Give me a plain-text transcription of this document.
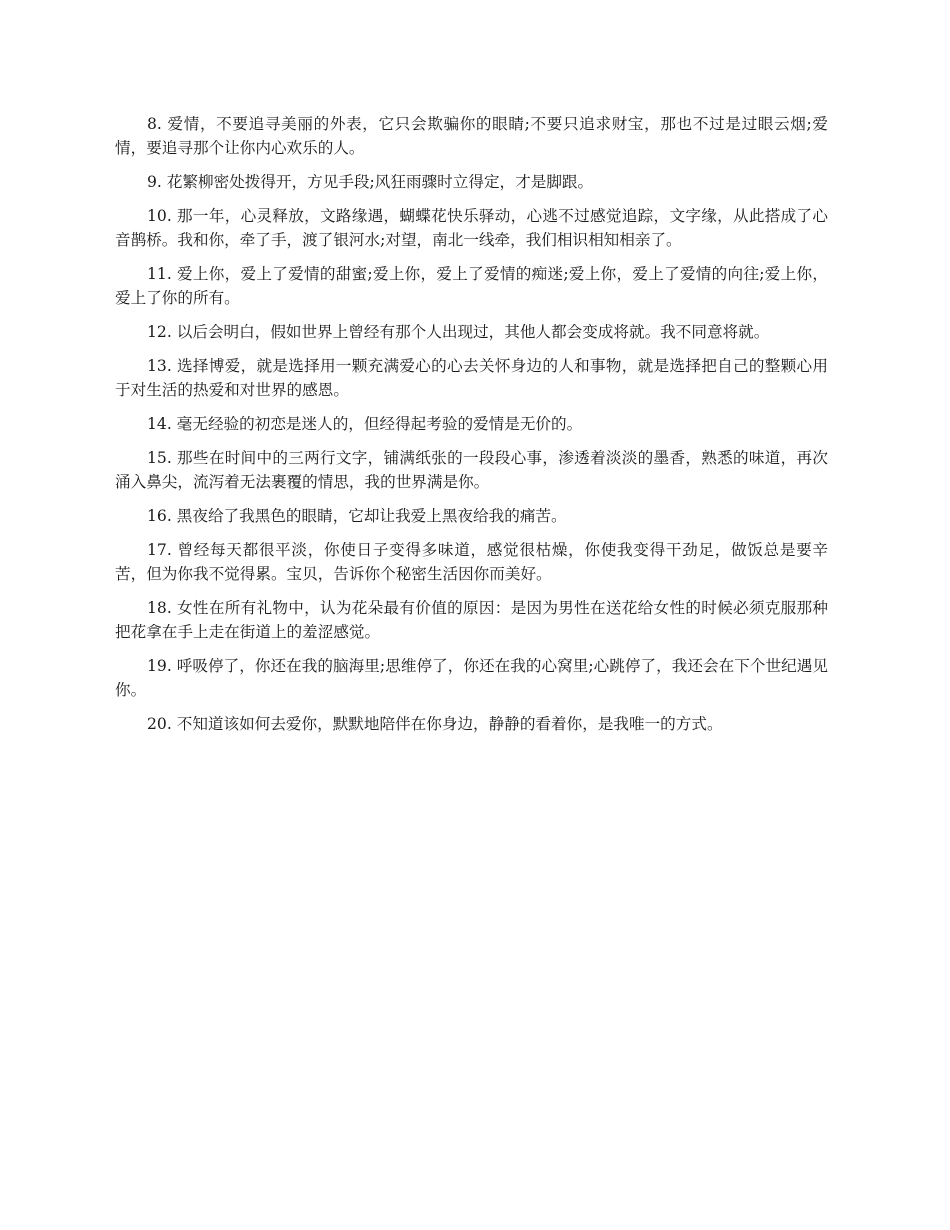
8. 爱情，不要追寻美丽的外表，它只会欺骗你的眼睛;不要只追求财宝，那也不过是过眼云烟;爱情，要追寻那个让你内心欢乐的人。

9. 花繁柳密处拨得开，方见手段;风狂雨骤时立得定，才是脚跟。

10. 那一年，心灵释放，文路缘遇，蝴蝶花快乐驿动，心逃不过感觉追踪，文字缘，从此搭成了心音鹊桥。我和你，牵了手，渡了银河水;对望，南北一线牵，我们相识相知相亲了。

11. 爱上你，爱上了爱情的甜蜜;爱上你，爱上了爱情的痴迷;爱上你，爱上了爱情的向往;爱上你，爱上了你的所有。

12. 以后会明白，假如世界上曾经有那个人出现过，其他人都会变成将就。我不同意将就。

13. 选择博爱，就是选择用一颗充满爱心的心去关怀身边的人和事物，就是选择把自己的整颗心用于对生活的热爱和对世界的感恩。

14. 毫无经验的初恋是迷人的，但经得起考验的爱情是无价的。

15. 那些在时间中的三两行文字，铺满纸张的一段段心事，渗透着淡淡的墨香，熟悉的味道，再次涌入鼻尖，流泻着无法裹覆的情思，我的世界满是你。

16. 黑夜给了我黑色的眼睛，它却让我爱上黑夜给我的痛苦。

17. 曾经每天都很平淡，你使日子变得多味道，感觉很枯燥，你使我变得干劲足，做饭总是要辛苦，但为你我不觉得累。宝贝，告诉你个秘密生活因你而美好。

18. 女性在所有礼物中，认为花朵最有价值的原因：是因为男性在送花给女性的时候必须克服那种把花拿在手上走在街道上的羞涩感觉。

19. 呼吸停了，你还在我的脑海里;思维停了，你还在我的心窝里;心跳停了，我还会在下个世纪遇见你。

20. 不知道该如何去爱你，默默地陪伴在你身边，静静的看着你，是我唯一的方式。
